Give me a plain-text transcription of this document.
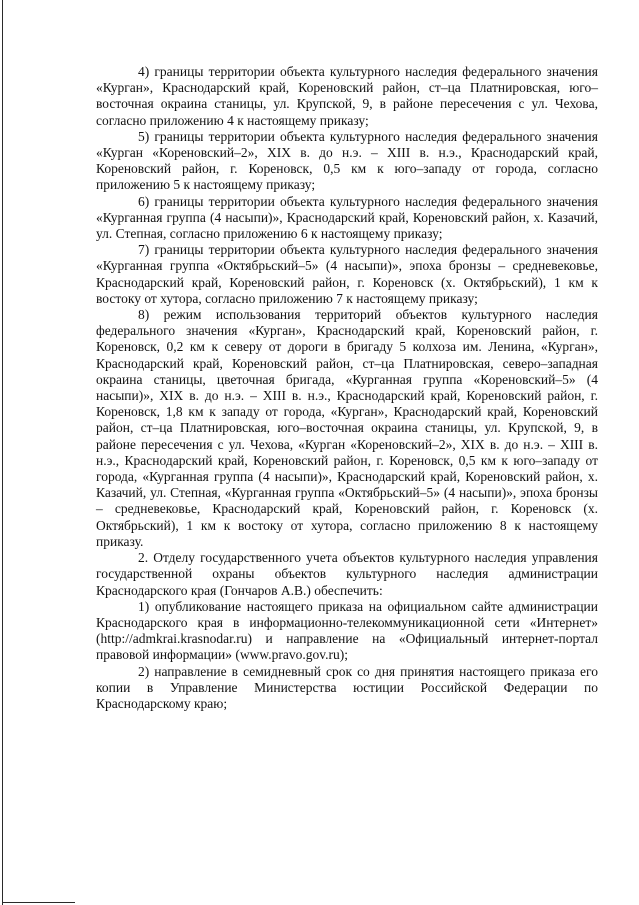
4) границы территории объекта культурного наследия федерального значения «Курган», Краснодарский край, Кореновский район, ст–ца Платнировская, юго–восточная окраина станицы, ул. Крупской, 9, в районе пересечения с ул. Чехова, согласно приложению 4 к настоящему приказу;

5) границы территории объекта культурного наследия федерального значения «Курган «Кореновский–2», XIX в. до н.э. – XIII в. н.э., Краснодарский край, Кореновский район, г. Кореновск, 0,5 км к юго–западу от города, согласно приложению 5 к настоящему приказу;

6) границы территории объекта культурного наследия федерального значения «Курганная группа (4 насыпи)», Краснодарский край, Кореновский район, х. Казачий, ул. Степная, согласно приложению 6 к настоящему приказу;

7) границы территории объекта культурного наследия федерального значения «Курганная группа «Октябрьский–5» (4 насыпи)», эпоха бронзы – средневековье, Краснодарский край, Кореновский район, г. Кореновск (х. Октябрьский), 1 км к востоку от хутора, согласно приложению 7 к настоящему приказу;

8) режим использования территорий объектов культурного наследия федерального значения «Курган», Краснодарский край, Кореновский район, г. Кореновск, 0,2 км к северу от дороги в бригаду 5 колхоза им. Ленина, «Курган», Краснодарский край, Кореновский район, ст–ца Платнировская, северо–западная окраина станицы, цветочная бригада, «Курганная группа «Кореновский–5» (4 насыпи)», XIX в. до н.э. – XIII в. н.э., Краснодарский край, Кореновский район, г. Кореновск, 1,8 км к западу от города, «Курган», Краснодарский край, Кореновский район, ст–ца Платнировская, юго–восточная окраина станицы, ул. Крупской, 9, в районе пересечения с ул. Чехова, «Курган «Кореновский–2», XIX в. до н.э. – XIII в. н.э., Краснодарский край, Кореновский район, г. Кореновск, 0,5 км к юго–западу от города, «Курганная группа (4 насыпи)», Краснодарский край, Кореновский район, х. Казачий, ул. Степная, «Курганная группа «Октябрьский–5» (4 насыпи)», эпоха бронзы – средневековье, Краснодарский край, Кореновский район, г. Кореновск (х. Октябрьский), 1 км к востоку от хутора, согласно приложению 8 к настоящему приказу.

2. Отделу государственного учета объектов культурного наследия управления государственной охраны объектов культурного наследия администрации Краснодарского края (Гончаров А.В.) обеспечить:

1) опубликование настоящего приказа на официальном сайте администрации Краснодарского края в информационно-телекоммуникационной сети «Интернет» (http://admkrai.krasnodar.ru) и направление на «Официальный интернет-портал правовой информации» (www.pravo.gov.ru);

2) направление в семидневный срок со дня принятия настоящего приказа его копии в Управление Министерства юстиции Российской Федерации по Краснодарскому краю;
